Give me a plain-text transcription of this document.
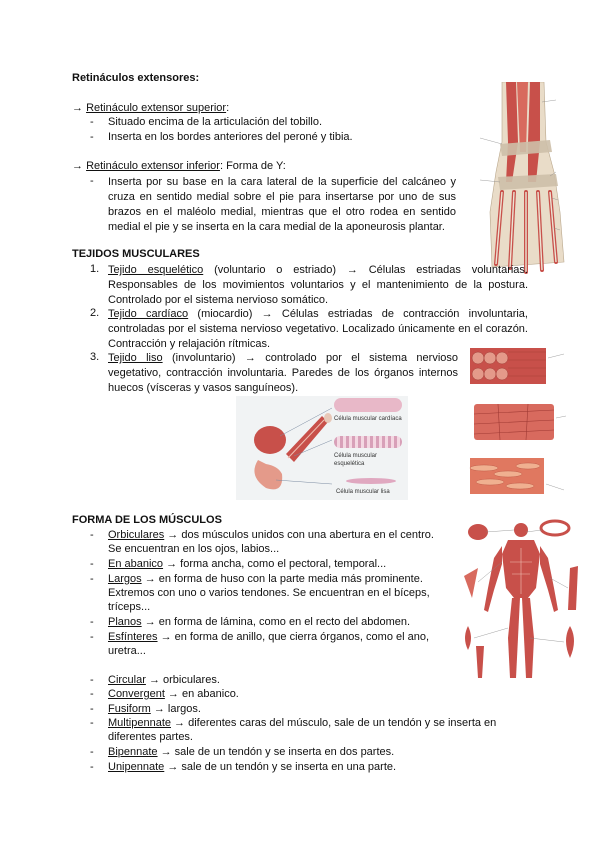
Retináculos extensores:
→ Retináculo extensor superior:
- Situado encima de la articulación del tobillo.
- Inserta en los bordes anteriores del peroné y tibia.
→ Retináculo extensor inferior: Forma de Y:
- Inserta por su base en la cara lateral de la superficie del calcáneo y cruza en sentido medial sobre el pie para insertarse por uno de sus brazos en el maléolo medial, mientras que el otro rodea en sentido medial el pie y se inserta en la cara medial de la aponeurosis plantar.
TEJIDOS MUSCULARES
1. Tejido esquelético (voluntario o estriado) → Células estriadas voluntarias. Responsables de los movimientos voluntarios y el mantenimiento de la postura. Controlado por el sistema nervioso somático.
2. Tejido cardíaco (miocardio) → Células estriadas de contracción involuntaria, controladas por el sistema nervioso vegetativo. Localizado únicamente en el corazón. Contracción y relajación rítmicas.
3. Tejido liso (involuntario) → controlado por el sistema nervioso vegetativo, contracción involuntaria. Paredes de los órganos internos huecos (vísceras y vasos sanguíneos).
Célula muscular cardíaca
Célula muscular esquelética
Célula muscular lisa
FORMA DE LOS MÚSCULOS
- Orbiculares → dos músculos unidos con una abertura en el centro.
Se encuentran en los ojos, labios...
- En abanico → forma ancha, como el pectoral, temporal...
- Largos → en forma de huso con la parte media más prominente.
Extremos con uno o varios tendones. Se encuentran en el bíceps,
tríceps...
- Planos → en forma de lámina, como en el recto del abdomen.
- Esfínteres → en forma de anillo, que cierra órganos, como el ano,
uretra...
- Circular → orbiculares.
- Convergent → en abanico.
- Fusiform → largos.
- Multipennate → diferentes caras del músculo, sale de un tendón y se inserta en
diferentes partes.
- Bipennate → sale de un tendón y se inserta en dos partes.
- Unipennate → sale de un tendón y se inserta en una parte.
